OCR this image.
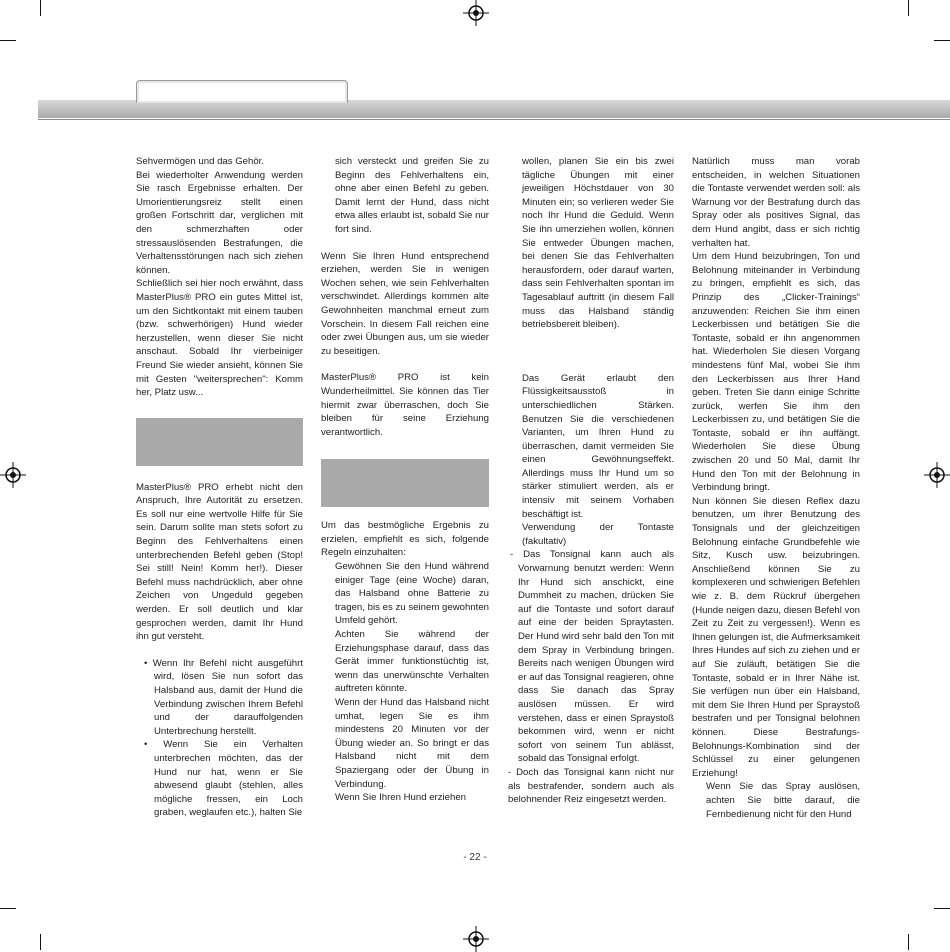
Sehvermögen und das Gehör.

Bei wiederholter Anwendung werden Sie rasch Ergebnisse erhalten. Der Umorientierungsreiz stellt einen großen Fortschritt dar, verglichen mit den schmerzhaften oder stressauslösenden Bestrafungen, die Verhaltensstörungen nach sich ziehen können.

Schließlich sei hier noch erwähnt, dass MasterPlus® PRO ein gutes Mittel ist, um den Sichtkontakt mit einem tauben (bzw. schwerhörigen) Hund wieder herzustellen, wenn dieser Sie nicht anschaut. Sobald Ihr vierbeiniger Freund Sie wieder ansieht, können Sie mit Gesten "weitersprechen": Komm her, Platz usw...

MasterPlus® PRO erhebt nicht den Anspruch, Ihre Autorität zu ersetzen. Es soll nur eine wertvolle Hilfe für Sie sein. Darum sollte man stets sofort zu Beginn des Fehlverhaltens einen unterbrechenden Befehl geben (Stop! Sei still! Nein! Komm her!). Dieser Befehl muss nachdrücklich, aber ohne Zeichen von Ungeduld gegeben werden. Er soll deutlich und klar gesprochen werden, damit Ihr Hund ihn gut versteht.

• Wenn Ihr Befehl nicht ausgeführt wird, lösen Sie nun sofort das Halsband aus, damit der Hund die Verbindung zwischen Ihrem Befehl und der darauffolgenden Unterbrechung herstellt.

• Wenn Sie ein Verhalten unterbrechen möchten, das der Hund nur hat, wenn er Sie abwesend glaubt (stehlen, alles mögliche fressen, ein Loch graben, weglaufen etc.), halten Sie

sich versteckt und greifen Sie zu Beginn des Fehlverhaltens ein, ohne aber einen Befehl zu geben. Damit lernt der Hund, dass nicht etwa alles erlaubt ist, sobald Sie nur fort sind.

Wenn Sie Ihren Hund entsprechend erziehen, werden Sie in wenigen Wochen sehen, wie sein Fehlverhalten verschwindet. Allerdings kommen alte Gewohnheiten manchmal erneut zum Vorschein. In diesem Fall reichen eine oder zwei Übungen aus, um sie wieder zu beseitigen.

MasterPlus® PRO ist kein Wunderheilmittel. Sie können das Tier hiermit zwar überraschen, doch Sie bleiben für seine Erziehung verantwortlich.

Um das bestmögliche Ergebnis zu erzielen, empfiehlt es sich, folgende Regeln einzuhalten:

Gewöhnen Sie den Hund während einiger Tage (eine Woche) daran, das Halsband ohne Batterie zu tragen, bis es zu seinem gewohnten Umfeld gehört.

Achten Sie während der Erziehungsphase darauf, dass das Gerät immer funktionstüchtig ist, wenn das unerwünschte Verhalten auftreten könnte.

Wenn der Hund das Halsband nicht umhat, legen Sie es ihm mindestens 20 Minuten vor der Übung wieder an. So bringt er das Halsband nicht mit dem Spaziergang oder der Übung in Verbindung.

Wenn Sie Ihren Hund erziehen

wollen, planen Sie ein bis zwei tägliche Übungen mit einer jeweiligen Höchstdauer von 30 Minuten ein; so verlieren weder Sie noch Ihr Hund die Geduld. Wenn Sie ihn umerziehen wollen, können Sie entweder Übungen machen, bei denen Sie das Fehlverhalten herausfordern, oder darauf warten, dass sein Fehlverhalten spontan im Tagesablauf auftritt (in diesem Fall muss das Halsband ständig betriebsbereit bleiben).

Das Gerät erlaubt den Flüssigkeitsausstoß in unterschiedlichen Stärken. Benutzen Sie die verschiedenen Varianten, um Ihren Hund zu überraschen, damit vermeiden Sie einen Gewöhnungseffekt. Allerdings muss Ihr Hund um so stärker stimuliert werden, als er intensiv mit seinem Vorhaben beschäftigt ist.

Verwendung der Tontaste (fakultativ)

- Das Tonsignal kann auch als Vorwarnung benutzt werden: Wenn Ihr Hund sich anschickt, eine Dummheit zu machen, drücken Sie auf die Tontaste und sofort darauf auf eine der beiden Spraytasten. Der Hund wird sehr bald den Ton mit dem Spray in Verbindung bringen. Bereits nach wenigen Übungen wird er auf das Tonsignal reagieren, ohne dass Sie danach das Spray auslösen müssen. Er wird verstehen, dass er einen Spraystoß bekommen wird, wenn er nicht sofort von seinem Tun ablässt, sobald das Tonsignal erfolgt.

- Doch das Tonsignal kann nicht nur als bestrafender, sondern auch als belohnender Reiz eingesetzt werden.

Natürlich muss man vorab entscheiden, in welchen Situationen die Tontaste verwendet werden soll: als Warnung vor der Bestrafung durch das Spray oder als positives Signal, das dem Hund angibt, dass er sich richtig verhalten hat.

Um dem Hund beizubringen, Ton und Belohnung miteinander in Verbindung zu bringen, empfiehlt es sich, das Prinzip des „Clicker-Trainings“ anzuwenden: Reichen Sie ihm einen Leckerbissen und betätigen Sie die Tontaste, sobald er ihn angenommen hat. Wiederholen Sie diesen Vorgang mindestens fünf Mal, wobei Sie ihm den Leckerbissen aus Ihrer Hand geben. Treten Sie dann einige Schritte zurück, werfen Sie ihm den Leckerbissen zu, und betätigen Sie die Tontaste, sobald er ihn auffängt. Wiederholen Sie diese Übung zwischen 20 und 50 Mal, damit Ihr Hund den Ton mit der Belohnung in Verbindung bringt.

Nun können Sie diesen Reflex dazu benutzen, um ihrer Benutzung des Tonsignals und der gleichzeitigen Belohnung einfache Grundbefehle wie Sitz, Kusch usw. beizubringen. Anschließend können Sie zu komplexeren und schwierigen Befehlen wie z. B. dem Rückruf übergehen (Hunde neigen dazu, diesen Befehl von Zeit zu Zeit zu vergessen!). Wenn es Ihnen gelungen ist, die Aufmerksamkeit Ihres Hundes auf sich zu ziehen und er auf Sie zuläuft, betätigen Sie die Tontaste, sobald er in Ihrer Nähe ist. Sie verfügen nun über ein Halsband, mit dem Sie Ihren Hund per Spraystoß bestrafen und per Tonsignal belohnen können. Diese Bestrafungs-Belohnungs-Kombination sind der Schlüssel zu einer gelungenen Erziehung!

Wenn Sie das Spray auslösen, achten Sie bitte darauf, die Fernbedienung nicht für den Hund

- 22 -
